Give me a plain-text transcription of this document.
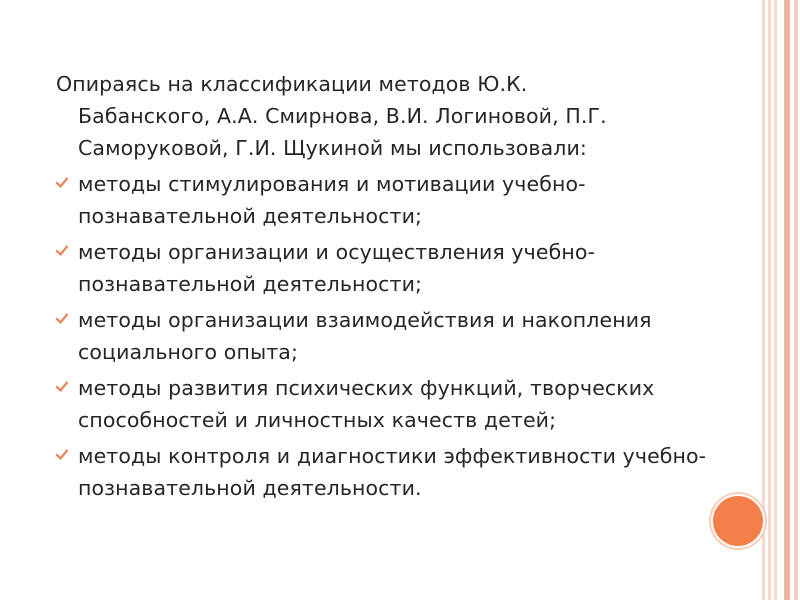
Опираясь на классификации методов Ю.К.
Бабанского, А.А. Смирнова, В.И. Логиновой, П.Г.
Саморуковой, Г.И. Щукиной мы использовали:

методы стимулирования и мотивации учебно-познавательной деятельности;
методы организации и осуществления учебно-познавательной деятельности;
методы организации взаимодействия и накопления социального опыта;
методы развития психических функций, творческих способностей и личностных качеств детей;
методы контроля и диагностики эффективности учебно-познавательной деятельности.
